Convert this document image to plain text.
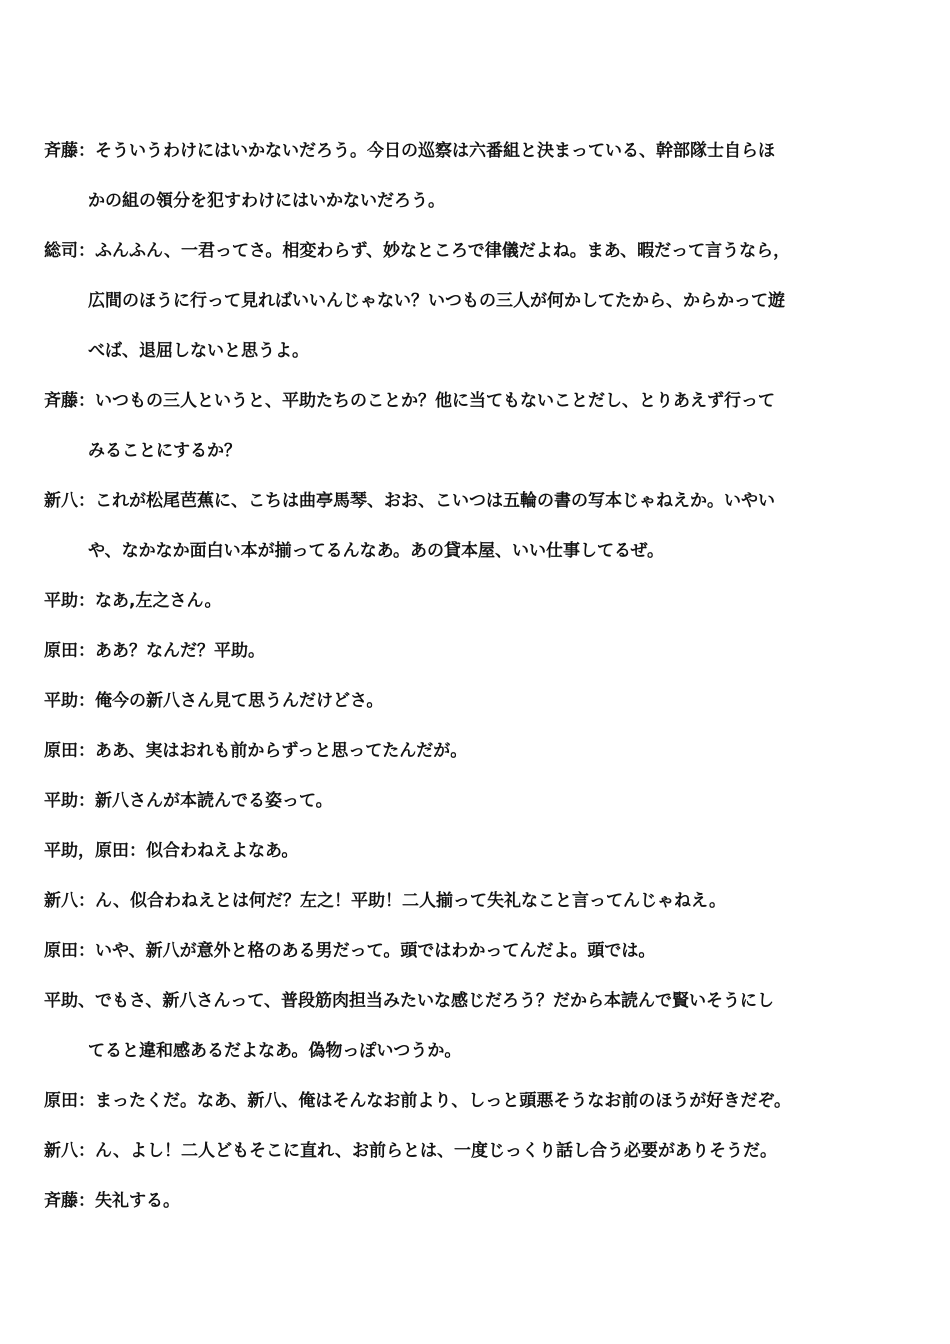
斉藤：そういうわけにはいかないだろう。今日の巡察は六番組と決まっている、幹部隊士自らほ
かの組の領分を犯すわけにはいかないだろう。
総司：ふんふん、一君ってさ。相変わらず、妙なところで律儀だよね。まあ、暇だって言うなら，
広間のほうに行って見ればいいんじゃない？いつもの三人が何かしてたから、からかって遊
べば、退屈しないと思うよ。
斉藤：いつもの三人というと、平助たちのことか？他に当てもないことだし、とりあえず行って
みることにするか？
新八：これが松尾芭蕉に、こちは曲亭馬琴、おお、こいつは五輪の書の写本じゃねえか。いやい
や、なかなか面白い本が揃ってるんなあ。あの貸本屋、いい仕事してるぜ。
平助：なあ,左之さん。
原田：ああ？なんだ？平助。
平助：俺今の新八さん見て思うんだけどさ。
原田：ああ、実はおれも前からずっと思ってたんだが。
平助：新八さんが本読んでる姿って。
平助，原田：似合わねえよなあ。
新八：ん、似合わねえとは何だ？左之！平助！二人揃って失礼なこと言ってんじゃねえ。
原田：いや、新八が意外と格のある男だって。頭ではわかってんだよ。頭では。
平助、でもさ、新八さんって、普段筋肉担当みたいな感じだろう？だから本読んで賢いそうにし
てると違和感あるだよなあ。偽物っぽいつうか。
原田：まったくだ。なあ、新八、俺はそんなお前より、しっと頭悪そうなお前のほうが好きだぞ。
新八：ん、よし！二人どもそこに直れ、お前らとは、一度じっくり話し合う必要がありそうだ。
斉藤：失礼する。
